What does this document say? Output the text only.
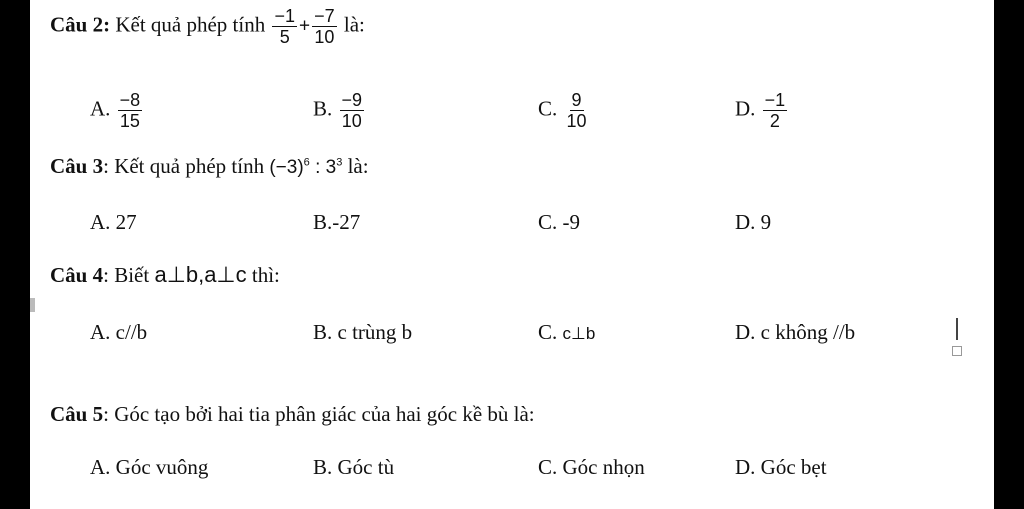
Câu 2: Kết quả phép tính $\frac{-1}{5} + \frac{-7}{10}$ là:
A. $\frac{-8}{15}$	B. $\frac{-9}{10}$	C. $\frac{9}{10}$	D. $\frac{-1}{2}$
Câu 3: Kết quả phép tính $(-3)^6$ : $3^3$ là:
A. 27	B.-27	C. -9	D. 9
Câu 4: Biết a⊥b,a⊥c thì:
A. c//b	B. c trùng b	C. c⊥b	D. c không //b
Câu 5: Góc tạo bởi hai tia phân giác của hai góc kề bù là:
A. Góc vuông	B. Góc tù	C. Góc nhọn	D. Góc bẹt
